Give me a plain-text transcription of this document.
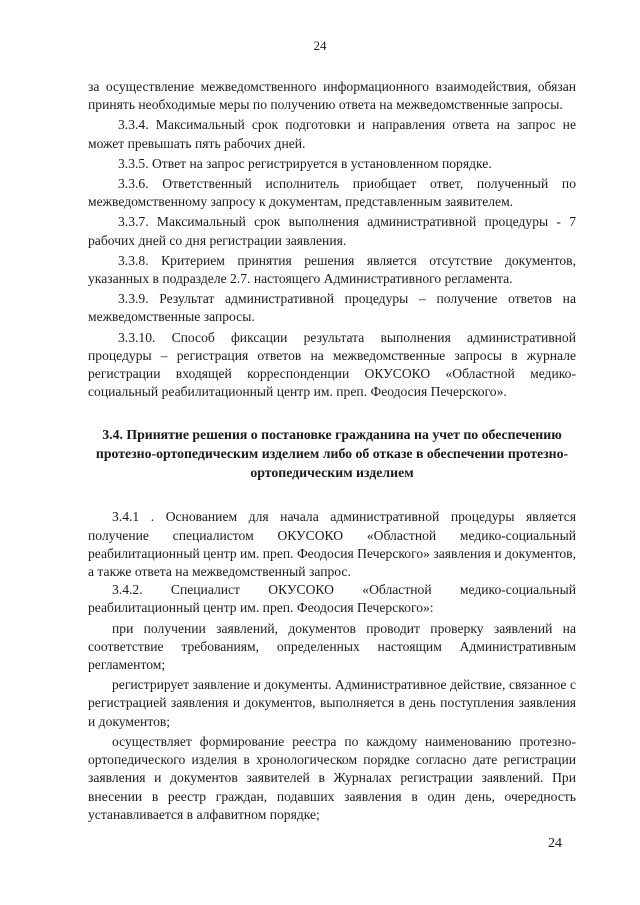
24

за осуществление межведомственного информационного взаимодействия, обязан принять необходимые меры по получению ответа на межведомственные запросы.

3.3.4. Максимальный срок подготовки и направления ответа на запрос не может превышать пять рабочих дней.

3.3.5. Ответ на запрос регистрируется в установленном порядке.

3.3.6. Ответственный исполнитель приобщает ответ, полученный по межведомственному запросу к документам, представленным заявителем.

3.3.7. Максимальный срок выполнения административной процедуры - 7 рабочих дней со дня регистрации заявления.

3.3.8. Критерием принятия решения является отсутствие документов, указанных в подразделе 2.7. настоящего Административного регламента.

3.3.9. Результат административной процедуры – получение ответов на межведомственные запросы.

3.3.10. Способ фиксации результата выполнения административной процедуры – регистрация ответов на межведомственные запросы в журнале регистрации входящей корреспонденции ОКУСОКО «Областной медико-социальный реабилитационный центр им. преп. Феодосия Печерского».

3.4. Принятие решения о постановке гражданина на учет по обеспечению протезно-ортопедическим изделием либо об отказе в обеспечении протезно-ортопедическим изделием

3.4.1 . Основанием для начала административной процедуры является получение специалистом ОКУСОКО «Областной медико-социальный реабилитационный центр им. преп. Феодосия Печерского» заявления и документов, а также ответа на межведомственный запрос.

3.4.2. Специалист ОКУСОКО «Областной медико-социальный реабилитационный центр им. преп. Феодосия Печерского»:

при получении заявлений, документов проводит проверку заявлений на соответствие требованиям, определенных настоящим Административным регламентом;

регистрирует заявление и документы. Административное действие, связанное с регистрацией заявления и документов, выполняется в день поступления заявления и документов;

осуществляет формирование реестра по каждому наименованию протезно-ортопедического изделия в хронологическом порядке согласно дате регистрации заявления и документов заявителей в Журналах регистрации заявлений. При внесении в реестр граждан, подавших заявления в один день, очередность устанавливается в алфавитном порядке;

24
